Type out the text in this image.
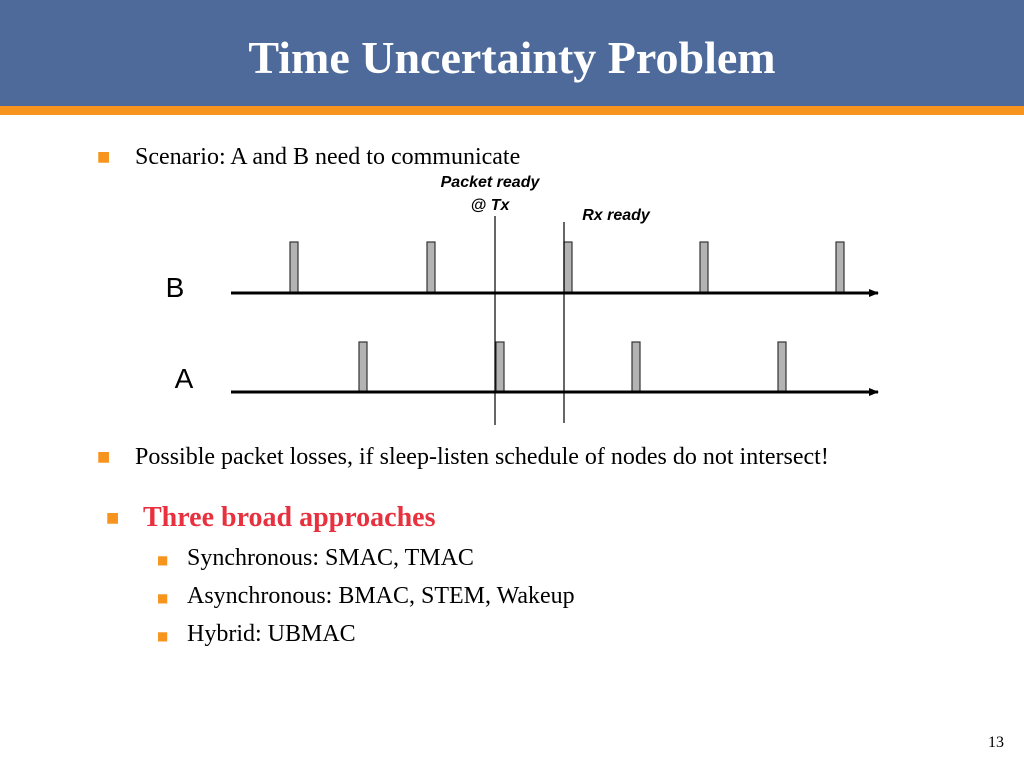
Time Uncertainty Problem
■ Scenario: A and B need to communicate
Packet ready
@ Tx
Rx ready
B
A
■ Possible packet losses, if sleep-listen schedule of nodes do not intersect!
■ Three broad approaches
■ Synchronous: SMAC, TMAC
■ Asynchronous: BMAC, STEM, Wakeup
■ Hybrid: UBMAC
13
